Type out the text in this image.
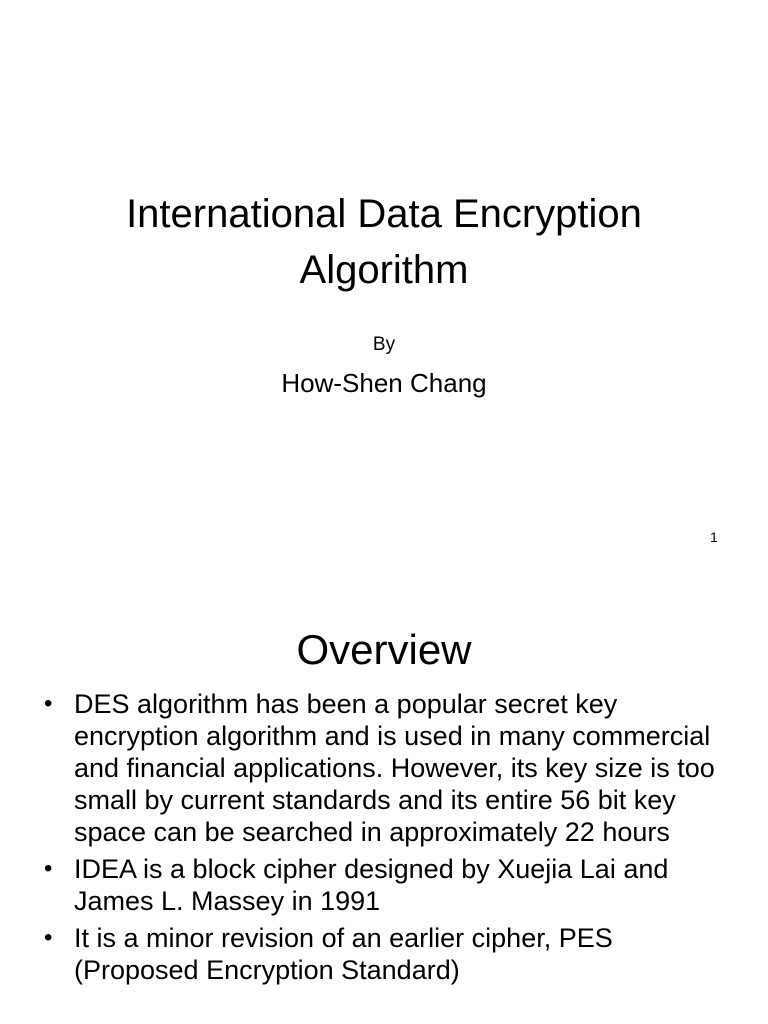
International Data Encryption
Algorithm
By
How-Shen Chang
1
Overview
• DES algorithm has been a popular secret key encryption algorithm and is used in many commercial and financial applications. However, its key size is too small by current standards and its entire 56 bit key space can be searched in approximately 22 hours
• IDEA is a block cipher designed by Xuejia Lai and James L. Massey in 1991
• It is a minor revision of an earlier cipher, PES (Proposed Encryption Standard)
